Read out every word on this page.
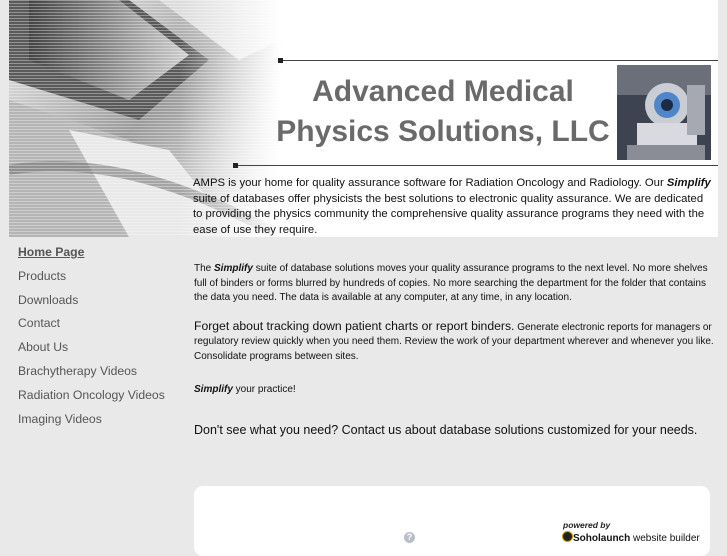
Advanced Medical
Physics Solutions, LLC

AMPS is your home for quality assurance software for Radiation Oncology and Radiology. Our Simplify suite of databases offer physicists the best solutions to electronic quality assurance. We are dedicated to providing the physics community the comprehensive quality assurance programs they need with the ease of use they require.

Home Page
Products
Downloads
Contact
About Us
Brachytherapy Videos
Radiation Oncology Videos
Imaging Videos

The Simplify suite of database solutions moves your quality assurance programs to the next level. No more shelves full of binders or forms blurred by hundreds of copies. No more searching the department for the folder that contains the data you need. The data is available at any computer, at any time, in any location.

Forget about tracking down patient charts or report binders. Generate electronic reports for managers or regulatory review quickly when you need them. Review the work of your department wherever and whenever you like. Consolidate programs between sites.

Simplify your practice!

Don't see what you need? Contact us about database solutions customized for your needs.

?
powered by
Soholaunch website builder
